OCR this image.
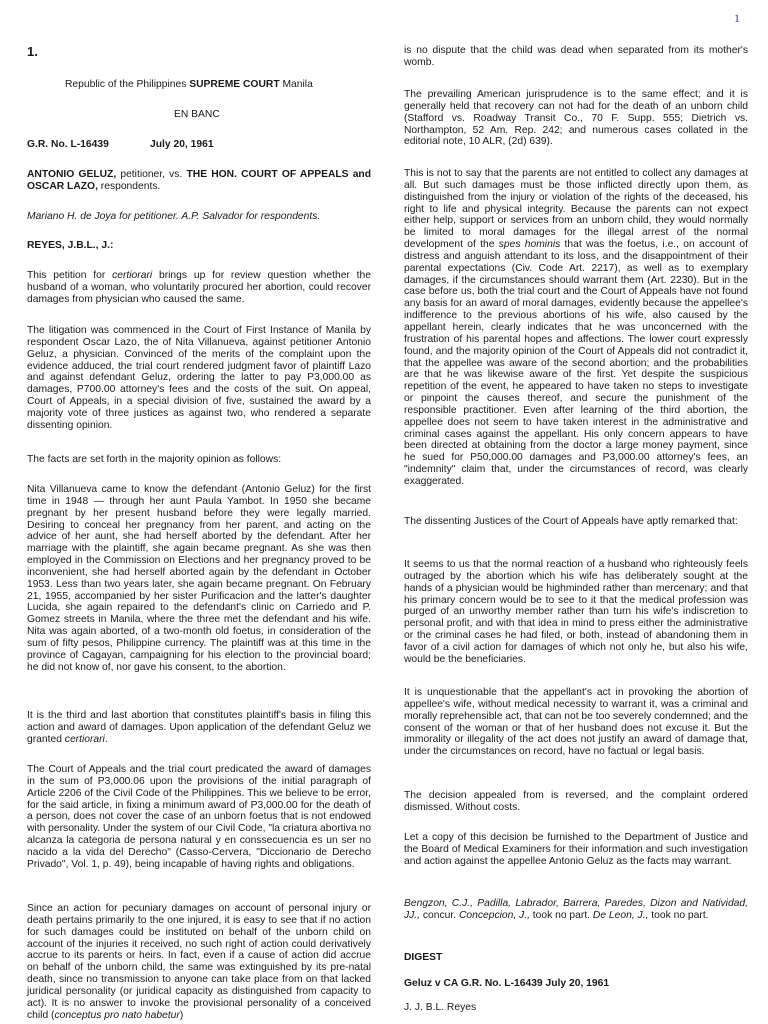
1
1.
Republic of the Philippines SUPREME COURT Manila
EN BANC
G.R. No. L-16439	July 20, 1961

ANTONIO GELUZ, petitioner, vs. THE HON. COURT OF APPEALS and OSCAR LAZO, respondents.

Mariano H. de Joya for petitioner. A.P. Salvador for respondents.

REYES, J.B.L., J.:

This petition for certiorari brings up for review question whether the husband of a woman, who voluntarily procured her abortion, could recover damages from physician who caused the same.

The litigation was commenced in the Court of First Instance of Manila by respondent Oscar Lazo, the of Nita Villanueva, against petitioner Antonio Geluz, a physician. Convinced of the merits of the complaint upon the evidence adduced, the trial court rendered judgment favor of plaintiff Lazo and against defendant Geluz, ordering the latter to pay P3,000.00 as damages, P700.00 attorney's fees and the costs of the suit. On appeal, Court of Appeals, in a special division of five, sustained the award by a majority vote of three justices as against two, who rendered a separate dissenting opinion.

The facts are set forth in the majority opinion as follows:

Nita Villanueva came to know the defendant (Antonio Geluz) for the first time in 1948 — through her aunt Paula Yambot. In 1950 she became pregnant by her present husband before they were legally married. Desiring to conceal her pregnancy from her parent, and acting on the advice of her aunt, she had herself aborted by the defendant. After her marriage with the plaintiff, she again became pregnant. As she was then employed in the Commission on Elections and her pregnancy proved to be inconvenient, she had herself aborted again by the defendant in October 1953. Less than two years later, she again became pregnant. On February 21, 1955, accompanied by her sister Purificacion and the latter's daughter Lucida, she again repaired to the defendant's clinic on Carriedo and P. Gomez streets in Manila, where the three met the defendant and his wife. Nita was again aborted, of a two-month old foetus, in consideration of the sum of fifty pesos, Philippine currency. The plaintiff was at this time in the province of Cagayan, campaigning for his election to the provincial board; he did not know of, nor gave his consent, to the abortion.

It is the third and last abortion that constitutes plaintiff's basis in filing this action and award of damages. Upon application of the defendant Geluz we granted certiorari.

The Court of Appeals and the trial court predicated the award of damages in the sum of P3,000.06 upon the provisions of the initial paragraph of Article 2206 of the Civil Code of the Philippines. This we believe to be error, for the said article, in fixing a minimum award of P3,000.00 for the death of a person, does not cover the case of an unborn foetus that is not endowed with personality. Under the system of our Civil Code, "la criatura abortiva no alcanza la categoria de persona natural y en conssecuencia es un ser no nacido a la vida del Derecho" (Casso-Cervera, "Diccionario de Derecho Privado", Vol. 1, p. 49), being incapable of having rights and obligations.

Since an action for pecuniary damages on account of personal injury or death pertains primarily to the one injured, it is easy to see that if no action for such damages could be instituted on behalf of the unborn child on account of the injuries it received, no such right of action could derivatively accrue to its parents or heirs. In fact, even if a cause of action did accrue on behalf of the unborn child, the same was extinguished by its pre-natal death, since no transmission to anyone can take place from on that lacked juridical personality (or juridical capacity as distinguished from capacity to act). It is no answer to invoke the provisional personality of a conceived child (conceptus pro nato habetur)

is no dispute that the child was dead when separated from its mother's womb.

The prevailing American jurisprudence is to the same effect; and it is generally held that recovery can not had for the death of an unborn child (Stafford vs. Roadway Transit Co., 70 F. Supp. 555; Dietrich vs. Northampton, 52 Am. Rep. 242; and numerous cases collated in the editorial note, 10 ALR, (2d) 639).

This is not to say that the parents are not entitled to collect any damages at all. But such damages must be those inflicted directly upon them, as distinguished from the injury or violation of the rights of the deceased, his right to life and physical integrity. Because the parents can not expect either help, support or services from an unborn child, they would normally be limited to moral damages for the illegal arrest of the normal development of the spes hominis that was the foetus, i.e., on account of distress and anguish attendant to its loss, and the disappointment of their parental expectations (Civ. Code Art. 2217), as well as to exemplary damages, if the circumstances should warrant them (Art. 2230). But in the case before us, both the trial court and the Court of Appeals have not found any basis for an award of moral damages, evidently because the appellee's indifference to the previous abortions of his wife, also caused by the appellant herein, clearly indicates that he was unconcerned with the frustration of his parental hopes and affections. The lower court expressly found, and the majority opinion of the Court of Appeals did not contradict it, that the appellee was aware of the second abortion; and the probabilities are that he was likewise aware of the first. Yet despite the suspicious repetition of the event, he appeared to have taken no steps to investigate or pinpoint the causes thereof, and secure the punishment of the responsible practitioner. Even after learning of the third abortion, the appellee does not seem to have taken interest in the administrative and criminal cases against the appellant. His only concern appears to have been directed at obtaining from the doctor a large money payment, since he sued for P50,000.00 damages and P3,000.00 attorney's fees, an "indemnity" claim that, under the circumstances of record, was clearly exaggerated.

The dissenting Justices of the Court of Appeals have aptly remarked that:

It seems to us that the normal reaction of a husband who righteously feels outraged by the abortion which his wife has deliberately sought at the hands of a physician would be highminded rather than mercenary; and that his primary concern would be to see to it that the medical profession was purged of an unworthy member rather than turn his wife's indiscretion to personal profit, and with that idea in mind to press either the administrative or the criminal cases he had filed, or both, instead of abandoning them in favor of a civil action for damages of which not only he, but also his wife, would be the beneficiaries.

It is unquestionable that the appellant's act in provoking the abortion of appellee's wife, without medical necessity to warrant it, was a criminal and morally reprehensible act, that can not be too severely condemned; and the consent of the woman or that of her husband does not excuse it. But the immorality or illegality of the act does not justify an award of damage that, under the circumstances on record, have no factual or legal basis.

The decision appealed from is reversed, and the complaint ordered dismissed. Without costs.

Let a copy of this decision be furnished to the Department of Justice and the Board of Medical Examiners for their information and such investigation and action against the appellee Antonio Geluz as the facts may warrant.

Bengzon, C.J., Padilla, Labrador, Barrera, Paredes, Dizon and Natividad, JJ., concur. Concepcion, J., took no part. De Leon, J., took no part.

DIGEST
Geluz v CA G.R. No. L-16439 July 20, 1961
J. J. B.L. Reyes
